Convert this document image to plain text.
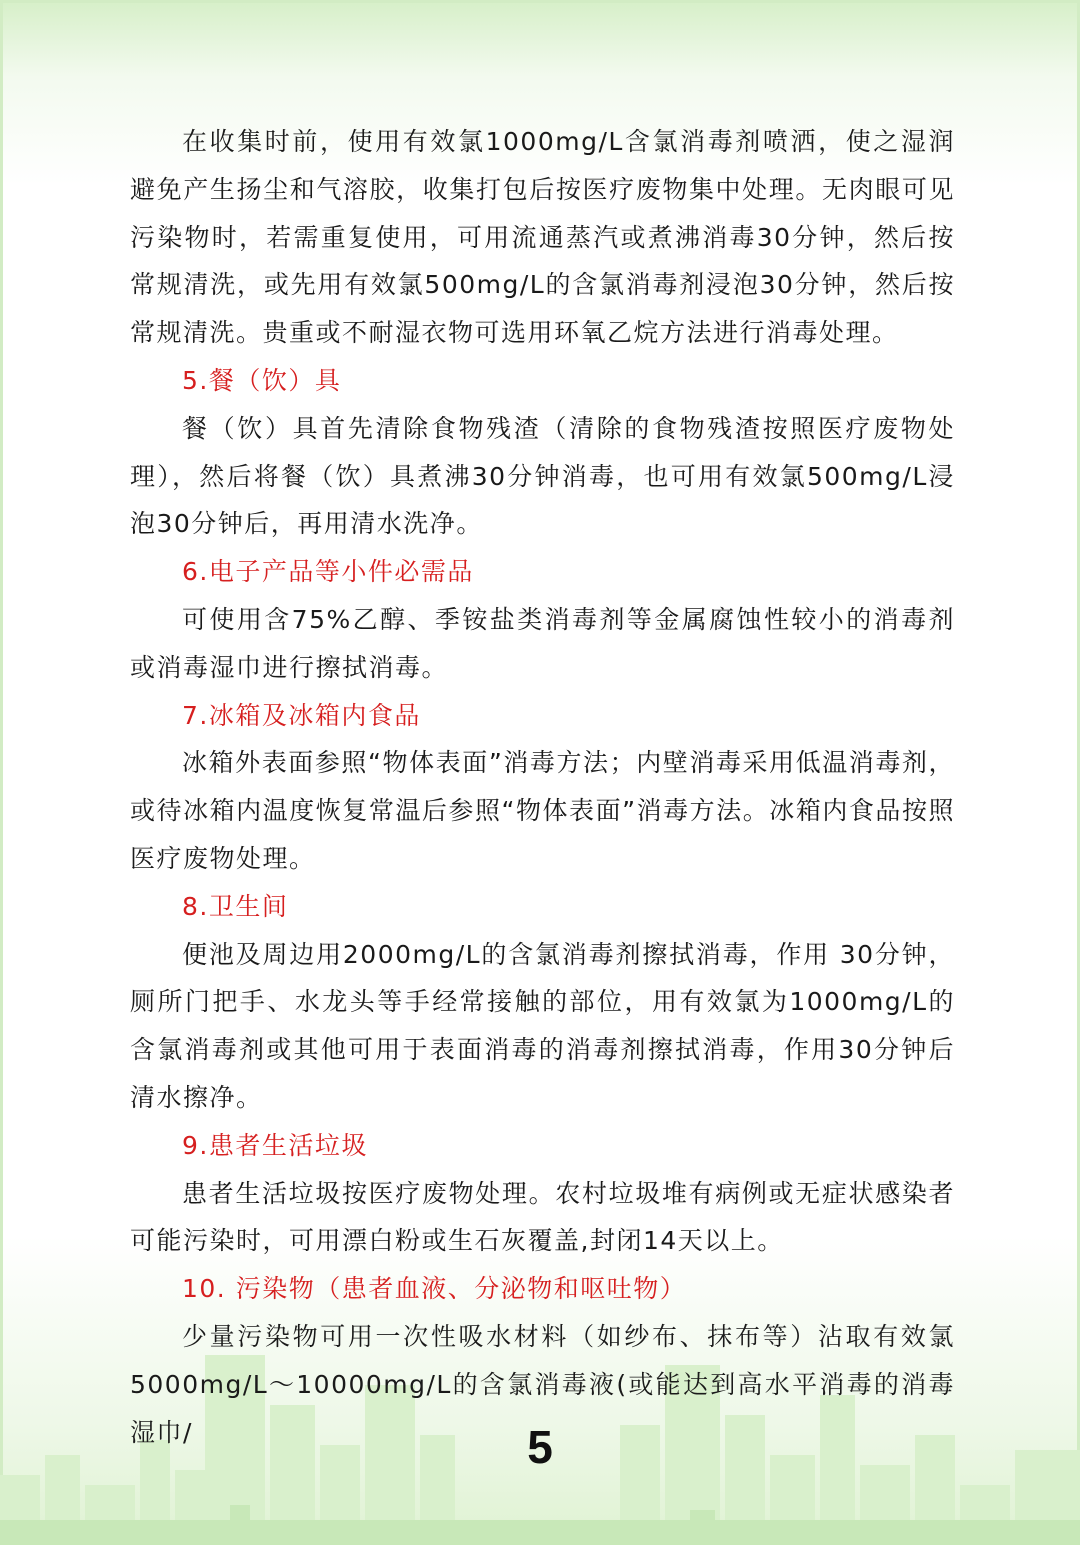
在收集时前，使用有效氯1000mg/L含氯消毒剂喷洒，使之湿润避免产生扬尘和气溶胶，收集打包后按医疗废物集中处理。无肉眼可见污染物时，若需重复使用，可用流通蒸汽或煮沸消毒30分钟，然后按常规清洗，或先用有效氯500mg/L的含氯消毒剂浸泡30分钟，然后按常规清洗。贵重或不耐湿衣物可选用环氧乙烷方法进行消毒处理。

5.餐（饮）具

餐（饮）具首先清除食物残渣（清除的食物残渣按照医疗废物处理），然后将餐（饮）具煮沸30分钟消毒，也可用有效氯500mg/L浸泡30分钟后，再用清水洗净。

6.电子产品等小件必需品

可使用含75%乙醇、季铵盐类消毒剂等金属腐蚀性较小的消毒剂或消毒湿巾进行擦拭消毒。

7.冰箱及冰箱内食品

冰箱外表面参照“物体表面”消毒方法；内壁消毒采用低温消毒剂，或待冰箱内温度恢复常温后参照“物体表面”消毒方法。冰箱内食品按照医疗废物处理。

8.卫生间

便池及周边用2000mg/L的含氯消毒剂擦拭消毒，作用 30分钟，厕所门把手、水龙头等手经常接触的部位，用有效氯为1000mg/L的含氯消毒剂或其他可用于表面消毒的消毒剂擦拭消毒，作用30分钟后清水擦净。

9.患者生活垃圾

患者生活垃圾按医疗废物处理。农村垃圾堆有病例或无症状感染者可能污染时，可用漂白粉或生石灰覆盖,封闭14天以上。

10. 污染物（患者血液、分泌物和呕吐物）

少量污染物可用一次性吸水材料（如纱布、抹布等）沾取有效氯5000mg/L～10000mg/L的含氯消毒液(或能达到高水平消毒的消毒湿巾/	5
